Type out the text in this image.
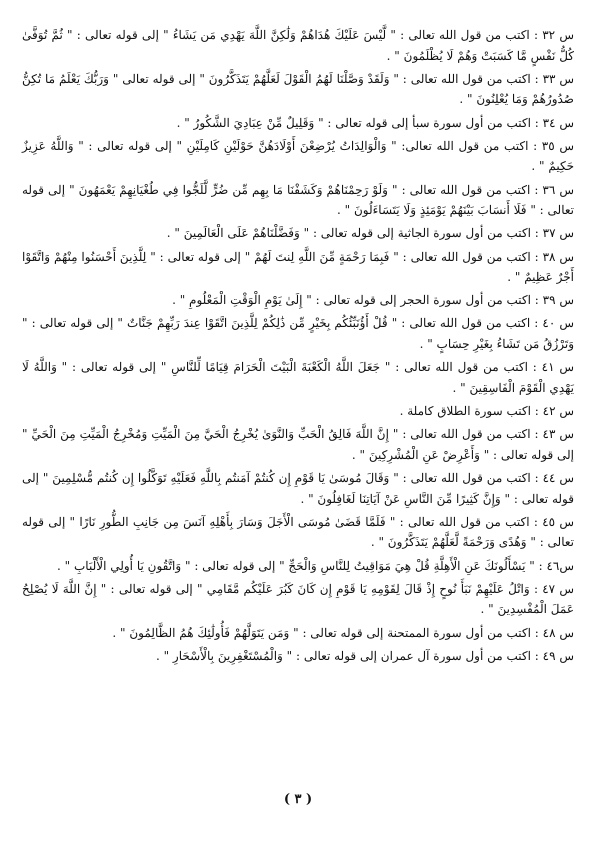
س ٣٢ : اكتب من قول الله تعالى : " لَّيْسَ عَلَيْكَ هُدَاهُمْ وَلَٰكِنَّ اللَّهَ يَهْدِي مَن يَشَاءُ " إلى قوله تعالى : " ثُمَّ تُوَفَّىٰ كُلُّ نَفْسٍ مَّا كَسَبَتْ وَهُمْ لَا يُظْلَمُونَ " .
س ٣٣ : اكتب من قول الله تعالى : " وَلَقَدْ وَصَّلْنَا لَهُمُ الْقَوْلَ لَعَلَّهُمْ يَتَذَكَّرُونَ " إلى قوله تعالى " وَرَبُّكَ يَعْلَمُ مَا تُكِنُّ صُدُورُهُمْ وَمَا يُعْلِنُونَ " .
س ٣٤ : اكتب من أول سورة سبأ إلى قوله تعالى : " وَقَلِيلٌ مِّنْ عِبَادِيَ الشَّكُورُ " .
س ٣٥ : اكتب من قول الله تعالى: " وَالْوَالِدَاتُ يُرْضِعْنَ أَوْلَادَهُنَّ حَوْلَيْنِ كَامِلَيْنِ " إلى قوله تعالى : " وَاللَّهُ عَزِيزٌ حَكِيمٌ " .
س ٣٦ : اكتب من قول الله تعالى : " وَلَوْ رَحِمْنَاهُمْ وَكَشَفْنَا مَا بِهِم مِّن ضُرٍّ لَّلَجُّوا فِي طُغْيَانِهِمْ يَعْمَهُونَ " إلى قوله تعالى : " فَلَا أَنسَابَ بَيْنَهُمْ يَوْمَئِذٍ وَلَا يَتَسَاءَلُونَ " .
س ٣٧ : اكتب من أول سورة الجاثية إلى قوله تعالى : " وَفَضَّلْنَاهُمْ عَلَى الْعَالَمِينَ " .
س ٣٨ : اكتب من قول الله تعالى : " فَبِمَا رَحْمَةٍ مِّنَ اللَّهِ لِنتَ لَهُمْ " إلى قوله تعالى : " لِلَّذِينَ أَحْسَنُوا مِنْهُمْ وَاتَّقَوْا أَجْرٌ عَظِيمٌ " .
س ٣٩ : اكتب من أول سورة الحجر إلى قوله تعالى : " إِلَىٰ يَوْمِ الْوَقْتِ الْمَعْلُومِ " .
س ٤٠ : اكتب من قول الله تعالى : " قُلْ أَؤُنَبِّئُكُم بِخَيْرٍ مِّن ذَٰلِكُمْ لِلَّذِينَ اتَّقَوْا عِندَ رَبِّهِمْ جَنَّاتٌ " إلى قوله تعالى : " وَتَرْزُقُ مَن تَشَاءُ بِغَيْرِ حِسَابٍ " .
س ٤١ : اكتب من قول الله تعالى : " جَعَلَ اللَّهُ الْكَعْبَةَ الْبَيْتَ الْحَرَامَ قِيَامًا لِّلنَّاسِ " إلى قوله تعالى : " وَاللَّهُ لَا يَهْدِي الْقَوْمَ الْفَاسِقِينَ " .
س ٤٢ : اكتب سورة الطلاق كاملة .
س ٤٣ : اكتب من قول الله تعالى : " إِنَّ اللَّهَ فَالِقُ الْحَبِّ وَالنَّوَىٰ يُخْرِجُ الْحَيَّ مِنَ الْمَيِّتِ وَمُخْرِجُ الْمَيِّتِ مِنَ الْحَيِّ " إلى قوله تعالى : " وَأَعْرِضْ عَنِ الْمُشْرِكِينَ " .
س ٤٤ : اكتب من قول الله تعالى : " وَقَالَ مُوسَىٰ يَا قَوْمِ إِن كُنتُمْ آمَنتُم بِاللَّهِ فَعَلَيْهِ تَوَكَّلُوا إِن كُنتُم مُّسْلِمِينَ " إلى قوله تعالى : " وَإِنَّ كَثِيرًا مِّنَ النَّاسِ عَنْ آيَاتِنَا لَغَافِلُونَ " .
س ٤٥ : اكتب من قول الله تعالى : " فَلَمَّا قَضَىٰ مُوسَى الْأَجَلَ وَسَارَ بِأَهْلِهِ آنَسَ مِن جَانِبِ الطُّورِ نَارًا " إلى قوله تعالى : " وَهُدًى وَرَحْمَةً لَّعَلَّهُمْ يَتَذَكَّرُونَ " .
س٤٦ : " يَسْأَلُونَكَ عَنِ الْأَهِلَّةِ قُلْ هِيَ مَوَاقِيتُ لِلنَّاسِ وَالْحَجِّ " إلى قوله تعالى : " وَاتَّقُونِ يَا أُولِي الْأَلْبَابِ " .
س ٤٧ : وَاتْلُ عَلَيْهِمْ نَبَأَ نُوحٍ إِذْ قَالَ لِقَوْمِهِ يَا قَوْمِ إِن كَانَ كَبُرَ عَلَيْكُم مَّقَامِي " إلى قوله تعالى : " إِنَّ اللَّهَ لَا يُصْلِحُ عَمَلَ الْمُفْسِدِينَ " .
س ٤٨ : اكتب من أول سورة الممتحنة إلى قوله تعالى : " وَمَن يَتَوَلَّهُمْ فَأُولَٰئِكَ هُمُ الظَّالِمُونَ " .
س ٤٩ : اكتب من أول سورة آل عمران إلى قوله تعالى : " وَالْمُسْتَغْفِرِينَ بِالْأَسْحَارِ " .
( ٣ )
